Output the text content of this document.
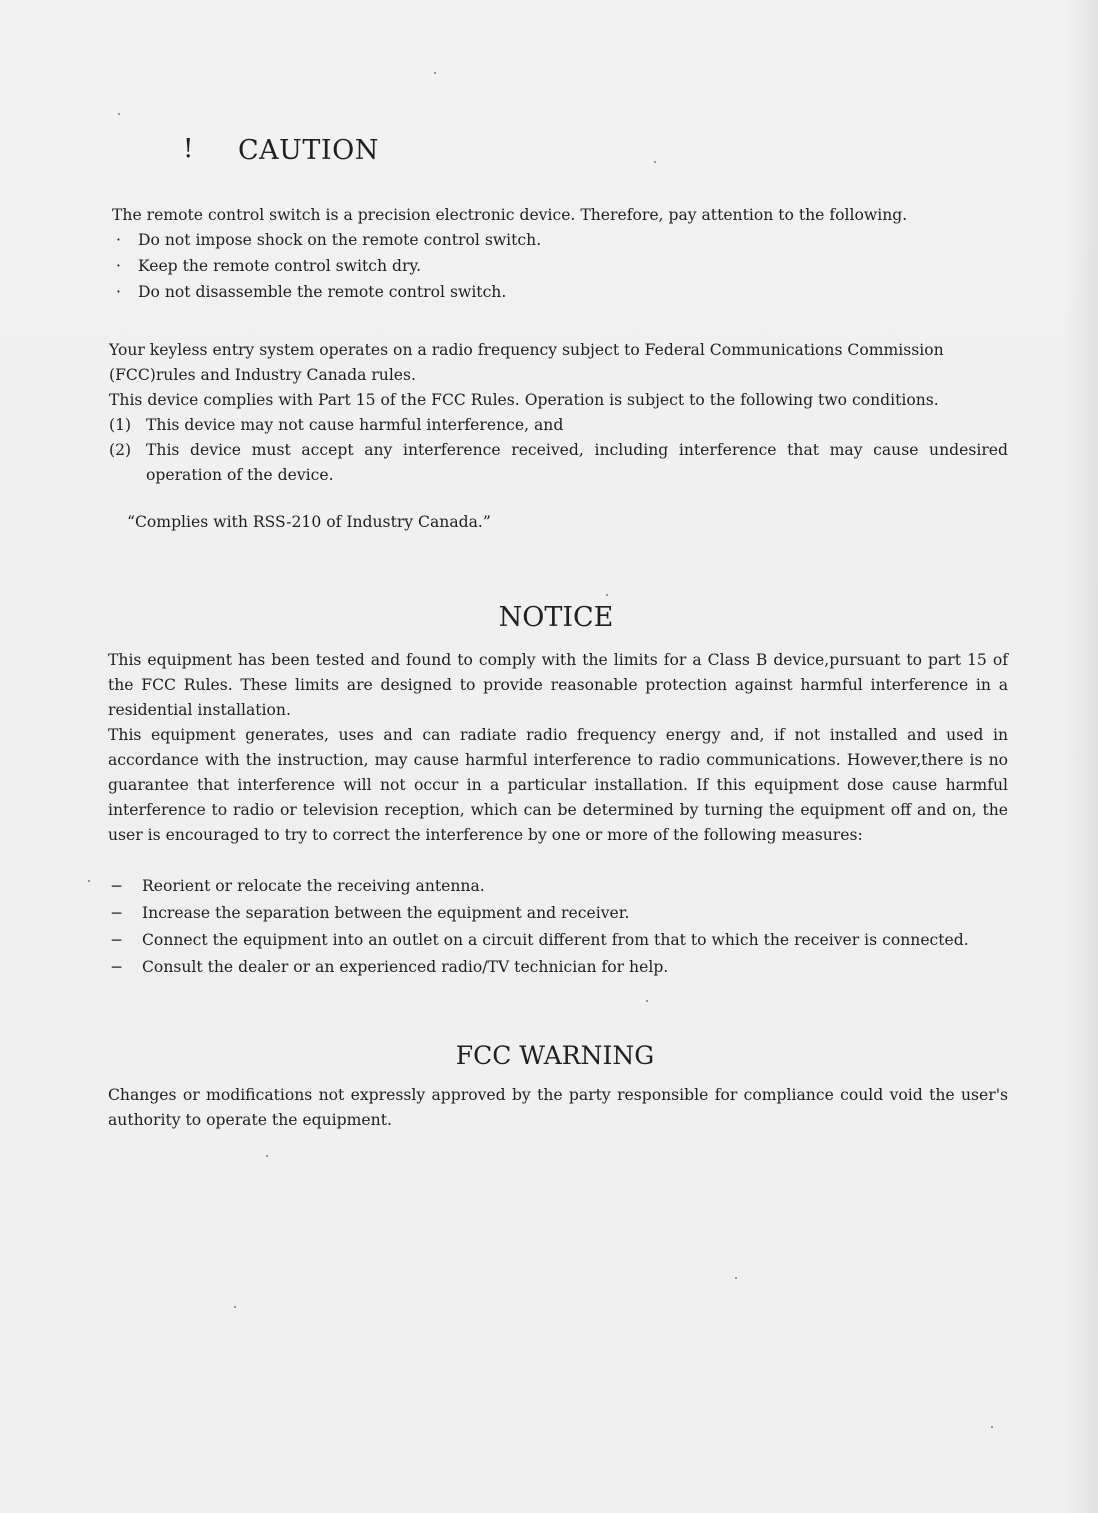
! CAUTION

The remote control switch is a precision electronic device. Therefore, pay attention to the following.

· Do not impose shock on the remote control switch.
· Keep the remote control switch dry.
· Do not disassemble the remote control switch.
Your keyless entry system operates on a radio frequency subject to Federal Communications Commission
(FCC)rules and Industry Canada rules.
This device complies with Part 15 of the FCC Rules. Operation is subject to the following two conditions.
(1) This device may not cause harmful interference, and
(2) This device must accept any interference received, including interference that may cause undesired operation of the device.

“Complies with RSS-210 of Industry Canada.”

NOTICE

This equipment has been tested and found to comply with the limits for a Class B device,pursuant to part 15 of the FCC Rules. These limits are designed to provide reasonable protection against harmful interference in a residential installation.

This equipment generates, uses and can radiate radio frequency energy and, if not installed and used in accordance with the instruction, may cause harmful interference to radio communications. However,there is no guarantee that interference will not occur in a particular installation. If this equipment dose cause harmful interference to radio or television reception, which can be determined by turning the equipment off and on, the user is encouraged to try to correct the interference by one or more of the following measures:

− Reorient or relocate the receiving antenna.
− Increase the separation between the equipment and receiver.
− Connect the equipment into an outlet on a circuit different from that to which the receiver is connected.
− Consult the dealer or an experienced radio/TV technician for help.
FCC WARNING

Changes or modifications not expressly approved by the party responsible for compliance could void the user's authority to operate the equipment.
